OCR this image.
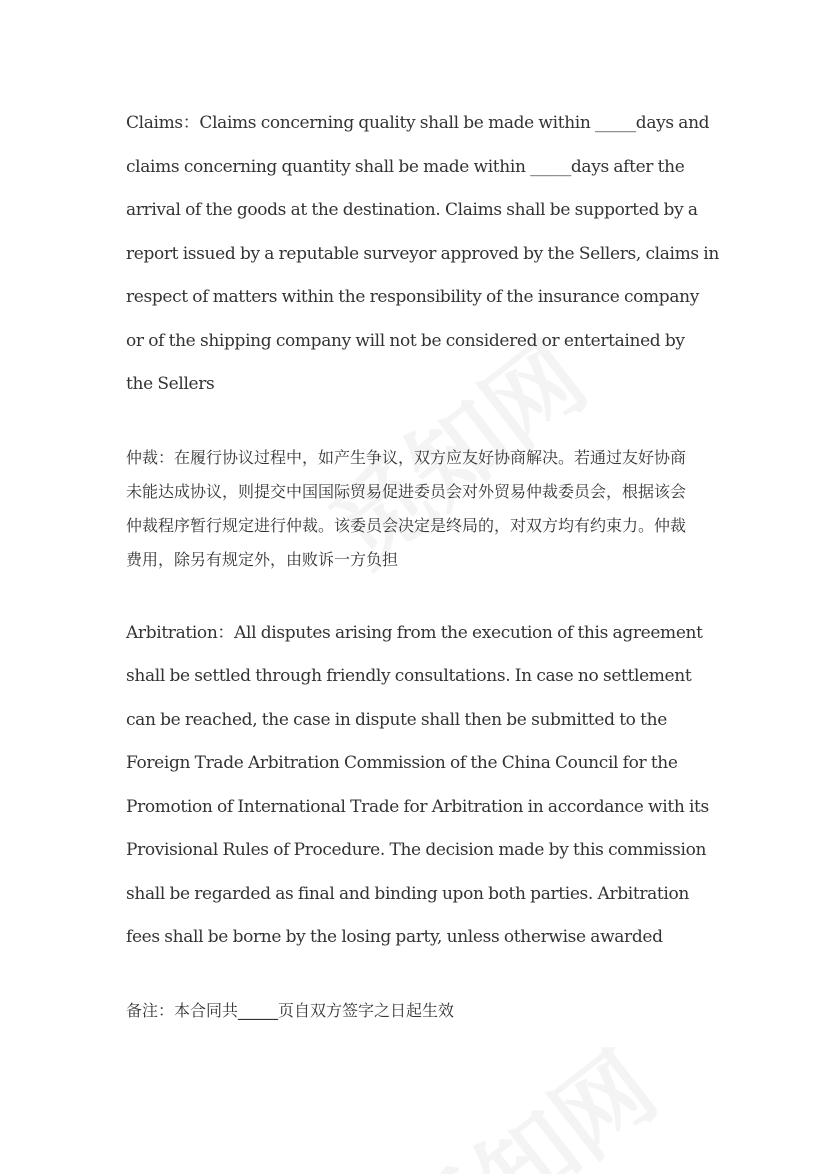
Claims：Claims concerning quality shall be made within _____days and
claims concerning quantity shall be made within _____days after the
arrival of the goods at the destination. Claims shall be supported by a
report issued by a reputable surveyor approved by the Sellers, claims in
respect of matters within the responsibility of the insurance company
or of the shipping company will not be considered or entertained by
the Sellers

仲裁：在履行协议过程中，如产生争议，双方应友好协商解决。若通过友好协商
未能达成协议，则提交中国国际贸易促进委员会对外贸易仲裁委员会，根据该会
仲裁程序暂行规定进行仲裁。该委员会决定是终局的，对双方均有约束力。仲裁
费用，除另有规定外，由败诉一方负担

Arbitration：All disputes arising from the execution of this agreement
shall be settled through friendly consultations. In case no settlement
can be reached, the case in dispute shall then be submitted to the
Foreign Trade Arbitration Commission of the China Council for the
Promotion of International Trade for Arbitration in accordance with its
Provisional Rules of Procedure. The decision made by this commission
shall be regarded as final and binding upon both parties. Arbitration
fees shall be borne by the losing party, unless otherwise awarded

备注：本合同共_____页自双方签字之日起生效
